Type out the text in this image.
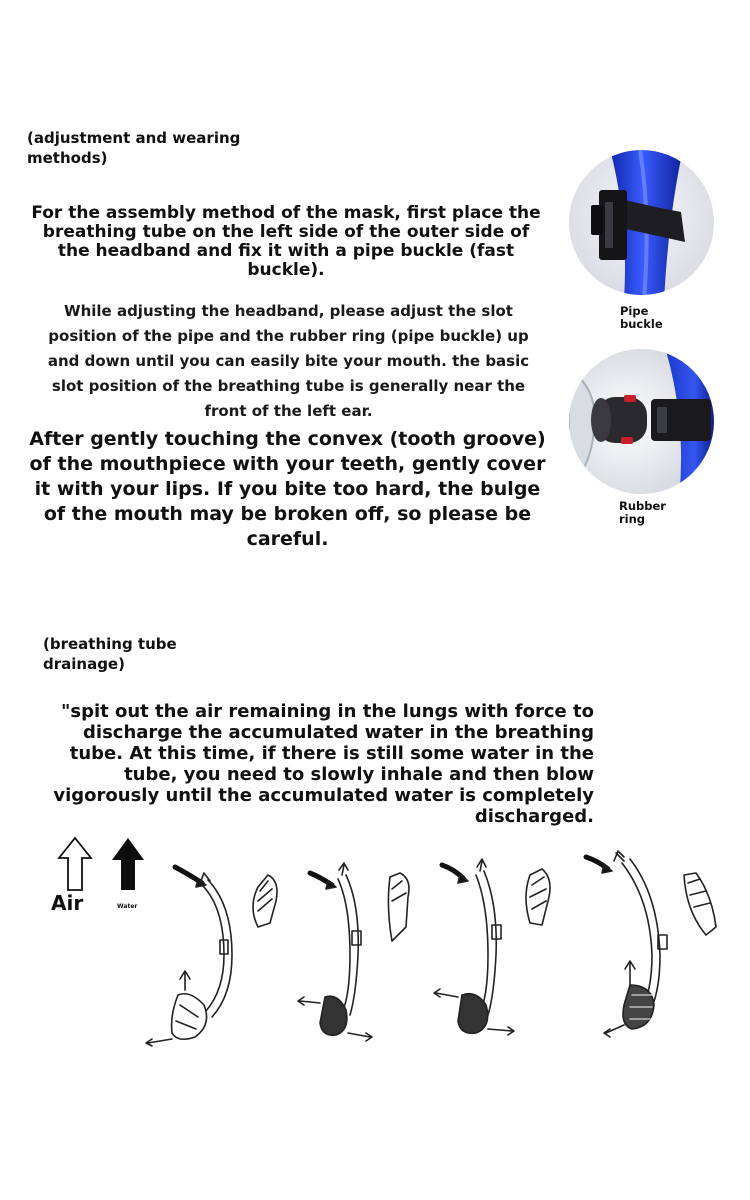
(adjustment and wearing methods)
For the assembly method of the mask, first place the breathing tube on the left side of the outer side of the headband and fix it with a pipe buckle (fast buckle).
While adjusting the headband, please adjust the slot position of the pipe and the rubber ring (pipe buckle) up and down until you can easily bite your mouth. the basic slot position of the breathing tube is generally near the front of the left ear.
After gently touching the convex (tooth groove) of the mouthpiece with your teeth, gently cover it with your lips. If you bite too hard, the bulge of the mouth may be broken off, so please be careful.
Pipe buckle
Rubber ring
(breathing tube drainage)
"spit out the air remaining in the lungs with force to discharge the accumulated water in the breathing tube. At this time, if there is still some water in the tube, you need to slowly inhale and then blow vigorously until the accumulated water is completely discharged.
Air	Water
